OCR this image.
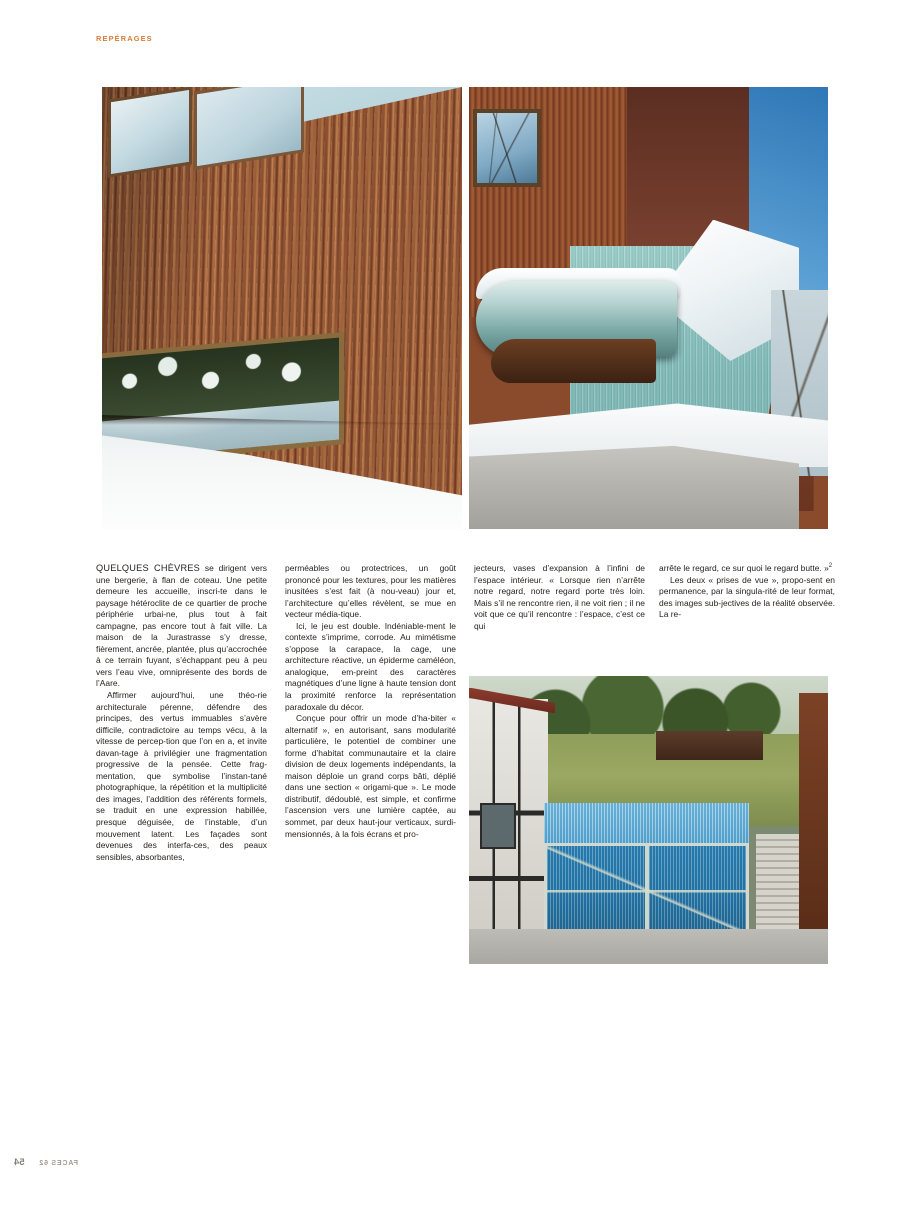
REPÉRAGES

QUELQUES CHÈVRES se dirigent vers une bergerie, à flan de coteau. Une petite demeure les accueille, inscri-te dans le paysage hétéroclite de ce quartier de proche périphérie urbai-ne, plus tout à fait campagne, pas encore tout à fait ville. La maison de la Jurastrasse s’y dresse, fièrement, ancrée, plantée, plus qu’accrochée à ce terrain fuyant, s’échappant peu à peu vers l’eau vive, omniprésente des bords de l’Aare.

Affirmer aujourd’hui, une théo-rie architecturale pérenne, défendre des principes, des vertus immuables s’avère difficile, contradictoire au temps vécu, à la vitesse de percep-tion que l’on en a, et invite davan-tage à privilégier une fragmentation progressive de la pensée. Cette frag-mentation, que symbolise l’instan-tané photographique, la répétition et la multiplicité des images, l’addition des référents formels, se traduit en une expression habillée, presque déguisée, de l’instable, d’un mouvement latent. Les façades sont devenues des interfa-ces, des peaux sensibles, absorbantes,

perméables ou protectrices, un goût prononcé pour les textures, pour les matières inusitées s’est fait (à nou-veau) jour et, l’architecture qu’elles révèlent, se mue en vecteur média-tique.

Ici, le jeu est double. Indéniable-ment le contexte s’imprime, corrode. Au mimétisme s’oppose la carapace, la cage, une architecture réactive, un épiderme caméléon, analogique, em-preint des caractères magnétiques d’une ligne à haute tension dont la proximité renforce la représentation paradoxale du décor.

Conçue pour offrir un mode d’ha-biter « alternatif », en autorisant, sans modularité particulière, le potentiel de combiner une forme d’habitat communautaire et la claire division de deux logements indépendants, la maison déploie un grand corps bâti, déplié dans une section « origami-que ». Le mode distributif, dédoublé, est simple, et confirme l’ascension vers une lumière captée, au sommet, par deux haut-jour verticaux, surdi-mensionnés, à la fois écrans et pro-

jecteurs, vases d’expansion à l’infini de l’espace intérieur. « Lorsque rien n’arrête notre regard, notre regard porte très loin. Mais s’il ne rencontre rien, il ne voit rien ; il ne voit que ce qu’il rencontre : l’espace, c’est ce qui

arrête le regard, ce sur quoi le regard butte. »$^2$

Les deux « prises de vue », propo-sent en permanence, par la singula-rité de leur format, des images sub-jectives de la réalité observée. La re-

FACES 62
54
